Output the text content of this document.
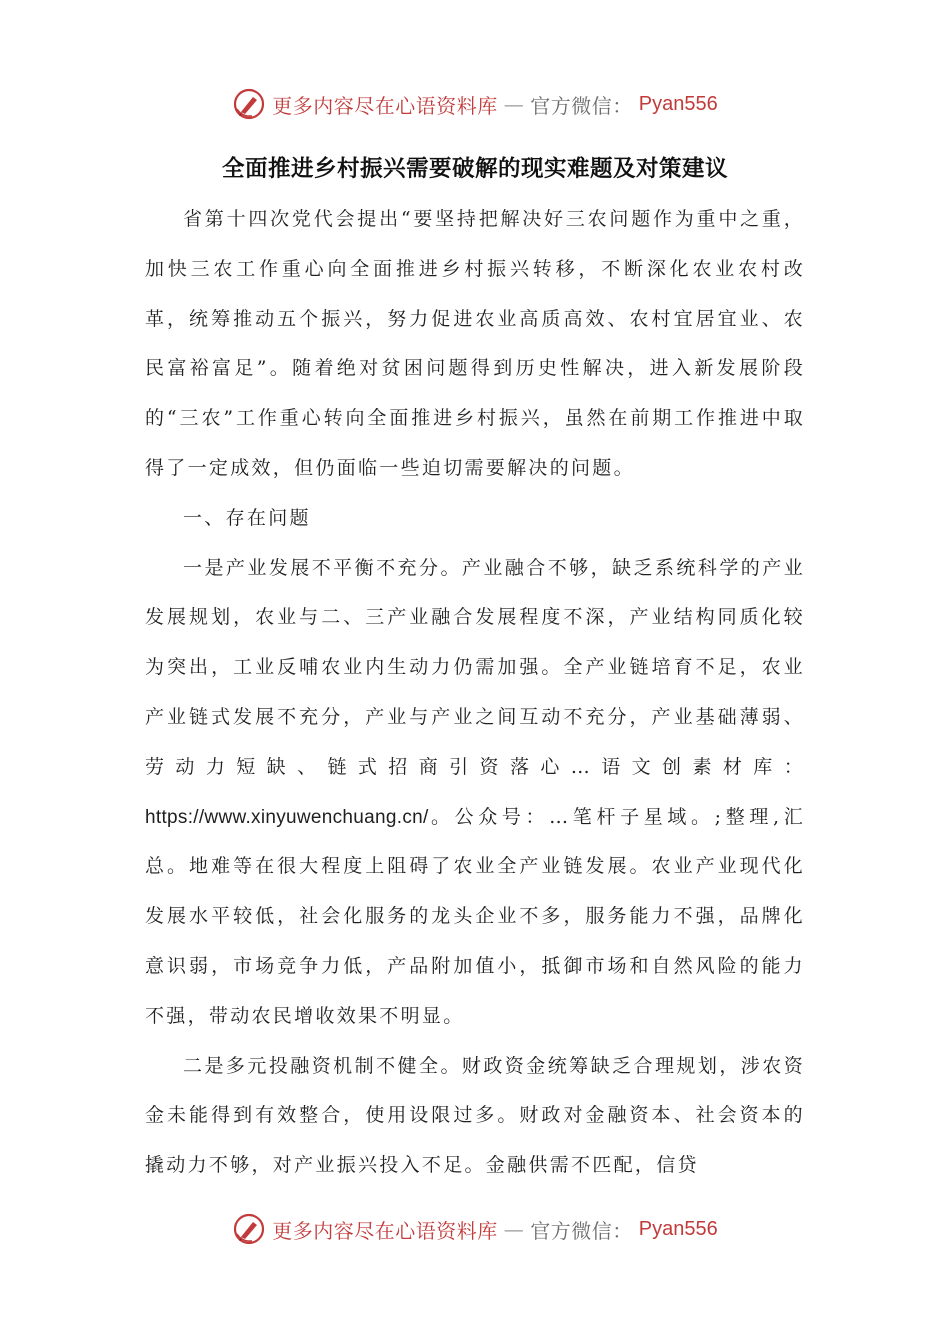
更多内容尽在心语资料库 — 官方微信： Pyan556
全面推进乡村振兴需要破解的现实难题及对策建议

省第十四次党代会提出“要坚持把解决好三农问题作为重中之重，加快三农工作重心向全面推进乡村振兴转移，不断深化农业农村改革，统筹推动五个振兴，努力促进农业高质高效、农村宜居宜业、农民富裕富足”。随着绝对贫困问题得到历史性解决，进入新发展阶段的“三农”工作重心转向全面推进乡村振兴，虽然在前期工作推进中取得了一定成效，但仍面临一些迫切需要解决的问题。

一、存在问题

一是产业发展不平衡不充分。产业融合不够，缺乏系统科学的产业发展规划，农业与二、三产业融合发展程度不深，产业结构同质化较为突出，工业反哺农业内生动力仍需加强。全产业链培育不足，农业产业链式发展不充分，产业与产业之间互动不充分，产业基础薄弱、劳动力短缺、链式招商引资落心…语文创素材库：https://www.xinyuwenchuang.cn/。公众号：…笔杆子星域。;整理,汇总。地难等在很大程度上阻碍了农业全产业链发展。农业产业现代化发展水平较低，社会化服务的龙头企业不多，服务能力不强，品牌化意识弱，市场竞争力低，产品附加值小，抵御市场和自然风险的能力不强，带动农民增收效果不明显。

二是多元投融资机制不健全。财政资金统筹缺乏合理规划，涉农资金未能得到有效整合，使用设限过多。财政对金融资本、社会资本的撬动力不够，对产业振兴投入不足。金融供需不匹配，信贷

更多内容尽在心语资料库 — 官方微信： Pyan556
